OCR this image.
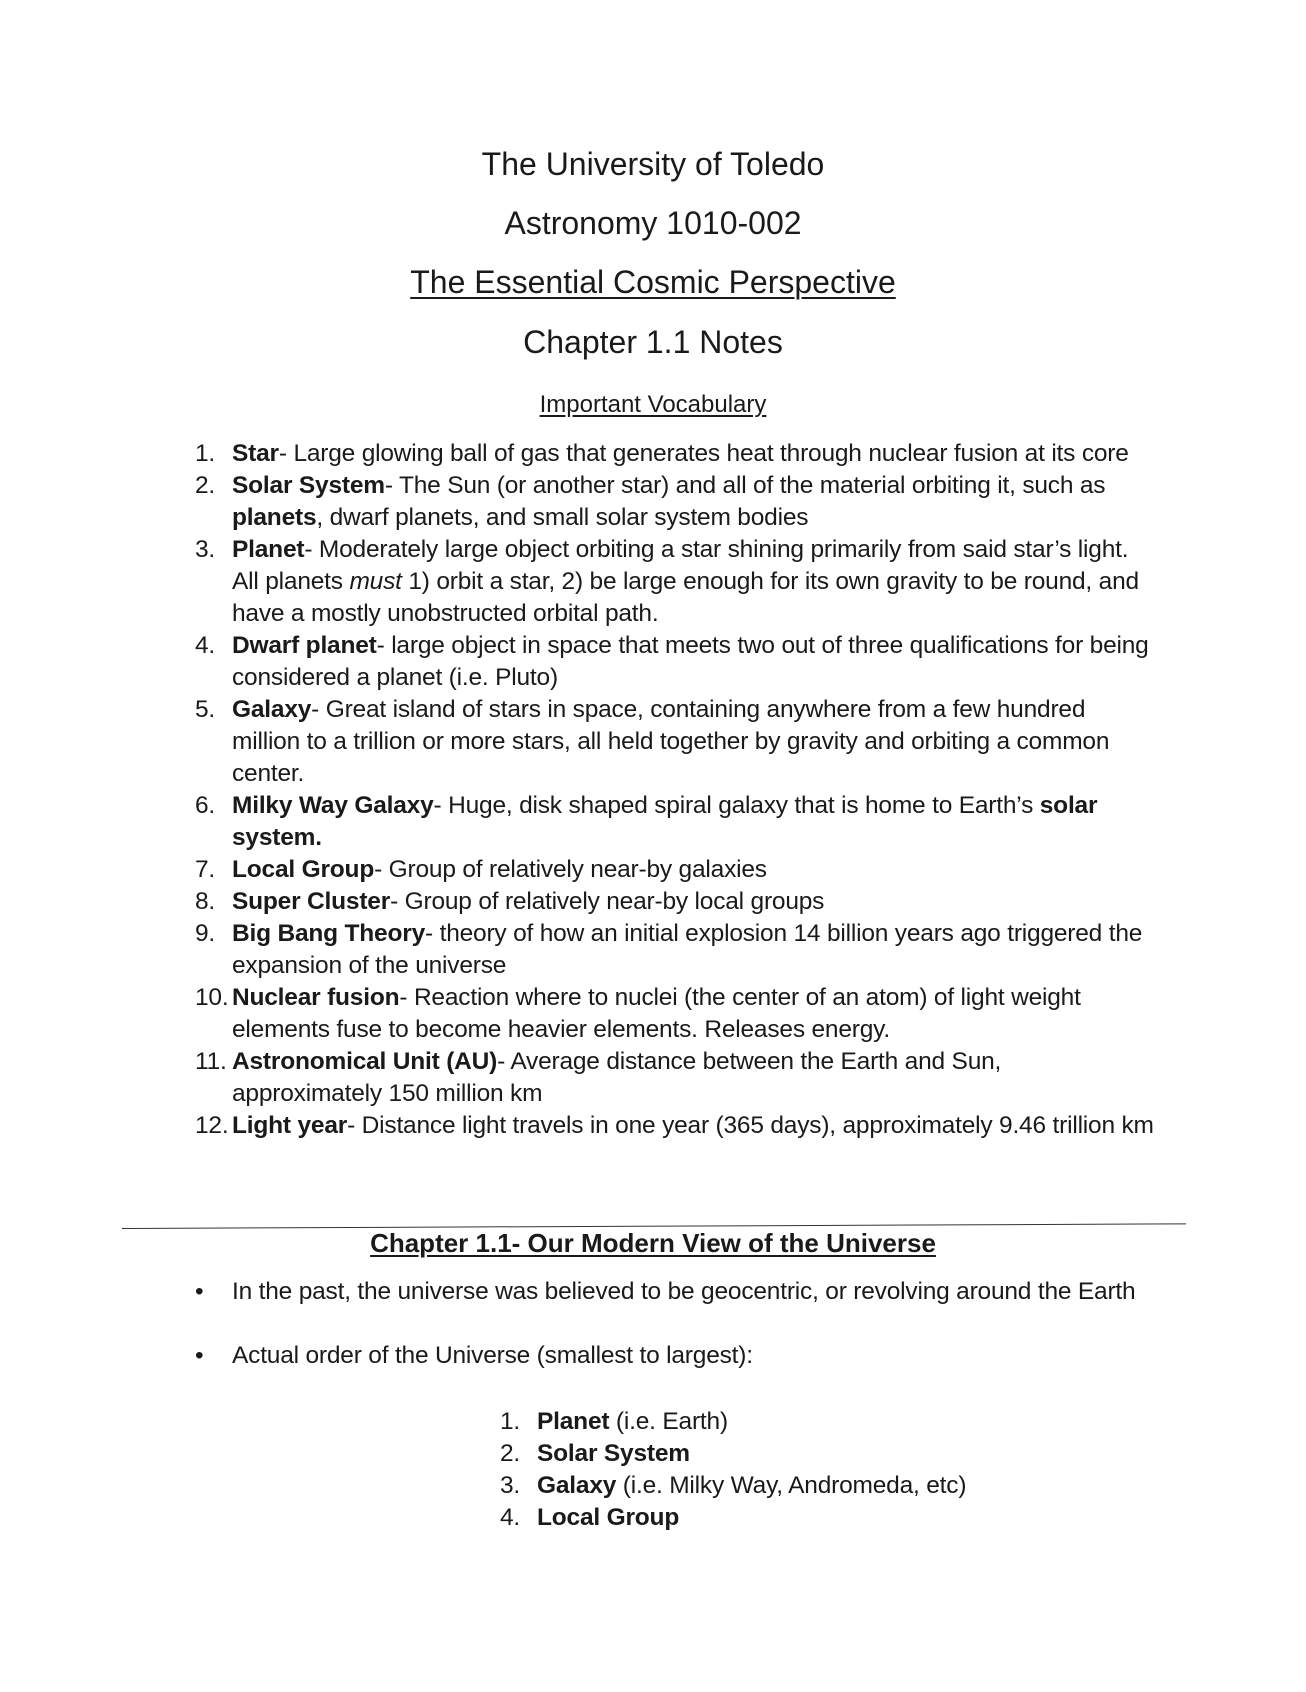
The University of Toledo
Astronomy 1010-002
The Essential Cosmic Perspective
Chapter 1.1 Notes
Important Vocabulary
1. Star- Large glowing ball of gas that generates heat through nuclear fusion at its core
2. Solar System- The Sun (or another star) and all of the material orbiting it, such as planets, dwarf planets, and small solar system bodies
3. Planet- Moderately large object orbiting a star shining primarily from said star’s light. All planets must 1) orbit a star, 2) be large enough for its own gravity to be round, and have a mostly unobstructed orbital path.
4. Dwarf planet- large object in space that meets two out of three qualifications for being considered a planet (i.e. Pluto)
5. Galaxy- Great island of stars in space, containing anywhere from a few hundred million to a trillion or more stars, all held together by gravity and orbiting a common center.
6. Milky Way Galaxy- Huge, disk shaped spiral galaxy that is home to Earth’s solar system.
7. Local Group- Group of relatively near-by galaxies
8. Super Cluster- Group of relatively near-by local groups
9. Big Bang Theory- theory of how an initial explosion 14 billion years ago triggered the expansion of the universe
10. Nuclear fusion- Reaction where to nuclei (the center of an atom) of light weight elements fuse to become heavier elements. Releases energy.
11. Astronomical Unit (AU)- Average distance between the Earth and Sun, approximately 150 million km
12. Light year- Distance light travels in one year (365 days), approximately 9.46 trillion km
Chapter 1.1- Our Modern View of the Universe
•	In the past, the universe was believed to be geocentric, or revolving around the Earth
•	Actual order of the Universe (smallest to largest):
1. Planet (i.e. Earth)
2. Solar System
3. Galaxy (i.e. Milky Way, Andromeda, etc)
4. Local Group
